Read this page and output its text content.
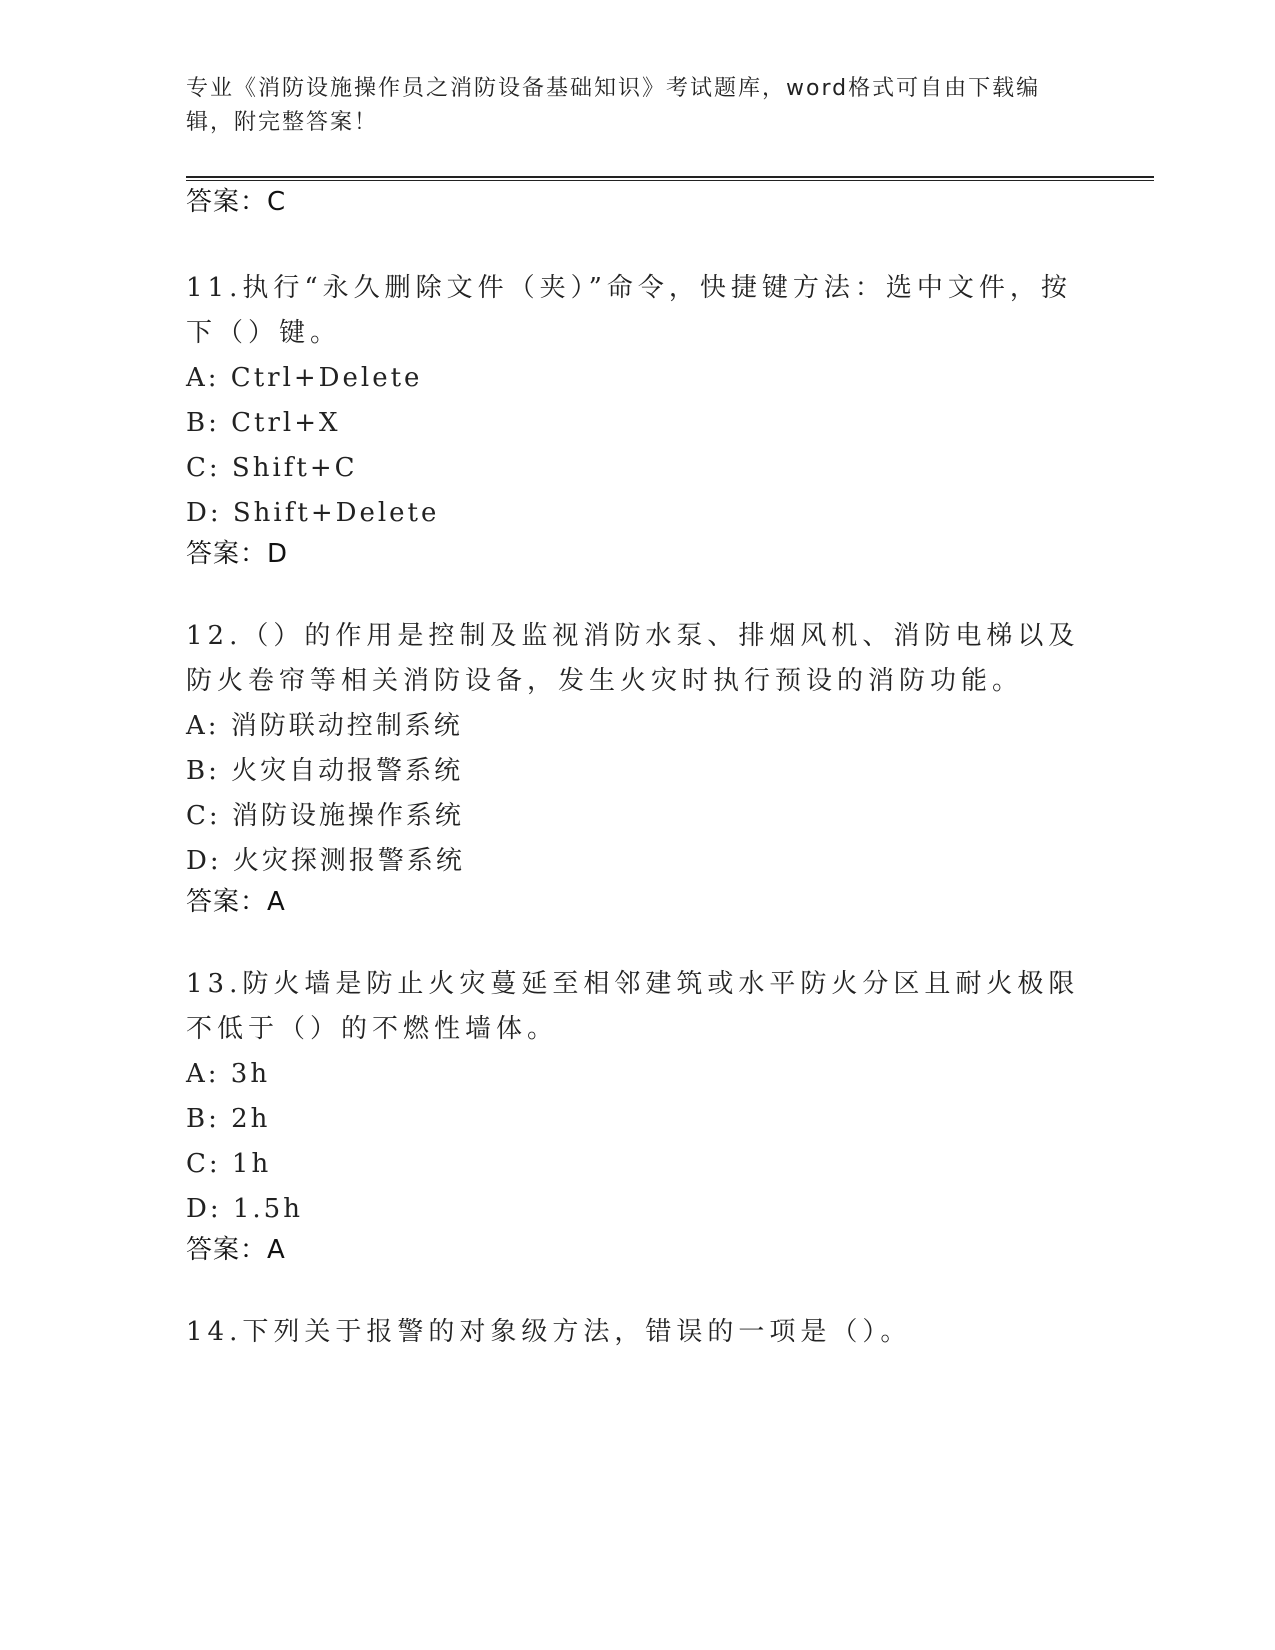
专业《消防设施操作员之消防设备基础知识》考试题库，word格式可自由下载编辑，附完整答案！
答案：C
11.执行“永久删除文件（夹）”命令，快捷键方法：选中文件，按下（）键。
A: Ctrl+Delete
B: Ctrl+X
C: Shift+C
D: Shift+Delete
答案：D
12.（）的作用是控制及监视消防水泵、排烟风机、消防电梯以及防火卷帘等相关消防设备，发生火灾时执行预设的消防功能。
A: 消防联动控制系统
B: 火灾自动报警系统
C: 消防设施操作系统
D: 火灾探测报警系统
答案：A
13.防火墙是防止火灾蔓延至相邻建筑或水平防火分区且耐火极限不低于（）的不燃性墙体。
A: 3h
B: 2h
C: 1h
D: 1.5h
答案：A
14.下列关于报警的对象级方法，错误的一项是（）。
